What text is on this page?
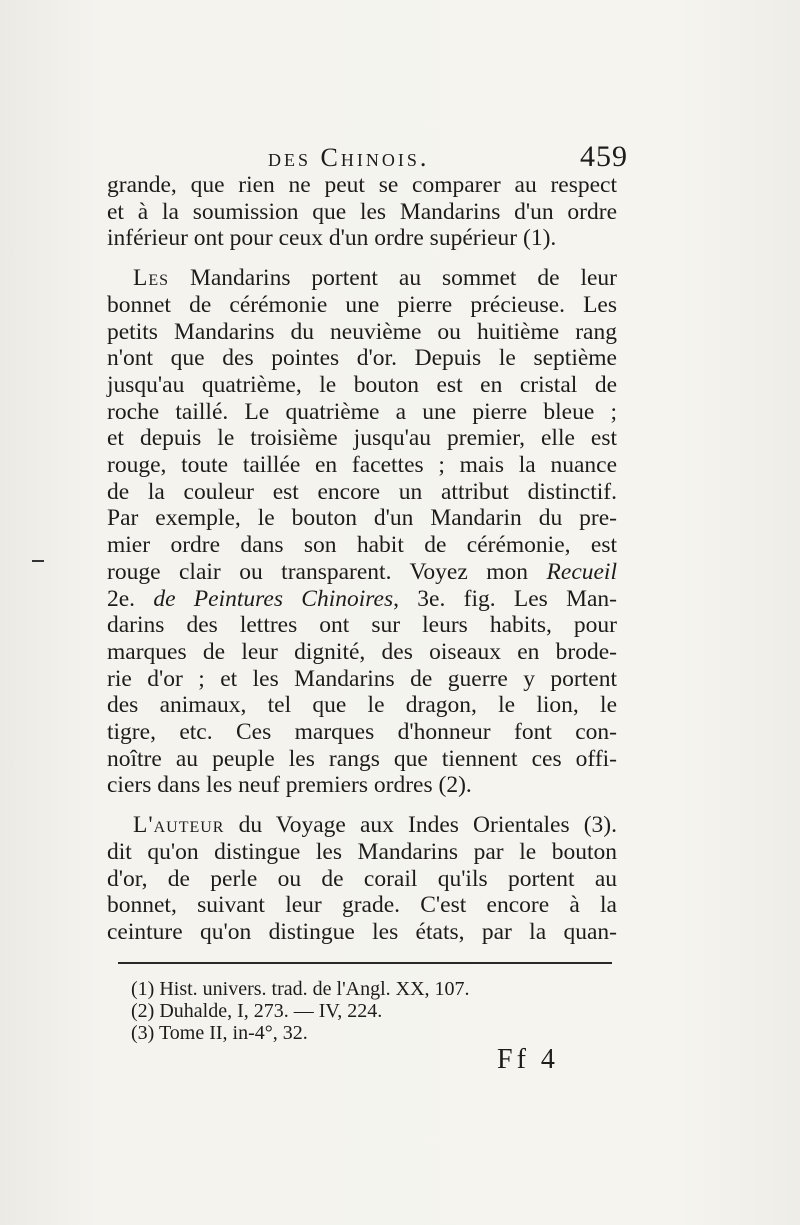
des Chinois.	459
grande, que rien ne peut se comparer au respect
et à la soumission que les Mandarins d'un ordre
inférieur ont pour ceux d'un ordre supérieur (1).
Les Mandarins portent au sommet de leur
bonnet de cérémonie une pierre précieuse. Les
petits Mandarins du neuvième ou huitième rang
n'ont que des pointes d'or. Depuis le septième
jusqu'au quatrième, le bouton est en cristal de
roche taillé. Le quatrième a une pierre bleue ;
et depuis le troisième jusqu'au premier, elle est
rouge, toute taillée en facettes ; mais la nuance
de la couleur est encore un attribut distinctif.
Par exemple, le bouton d'un Mandarin du pre-
mier ordre dans son habit de cérémonie, est
rouge clair ou transparent. Voyez mon Recueil
2e. de Peintures Chinoires, 3e. fig. Les Man-
darins des lettres ont sur leurs habits, pour
marques de leur dignité, des oiseaux en brode-
rie d'or ; et les Mandarins de guerre y portent
des animaux, tel que le dragon, le lion, le
tigre, etc. Ces marques d'honneur font con-
noître au peuple les rangs que tiennent ces offi-
ciers dans les neuf premiers ordres (2).
L'auteur du Voyage aux Indes Orientales (3).
dit qu'on distingue les Mandarins par le bouton
d'or, de perle ou de corail qu'ils portent au
bonnet, suivant leur grade. C'est encore à la
ceinture qu'on distingue les états, par la quan-
(1) Hist. univers. trad. de l'Angl. XX, 107.
(2) Duhalde, I, 273. — IV, 224.
(3) Tome II, in-4°, 32.
Ff 4
